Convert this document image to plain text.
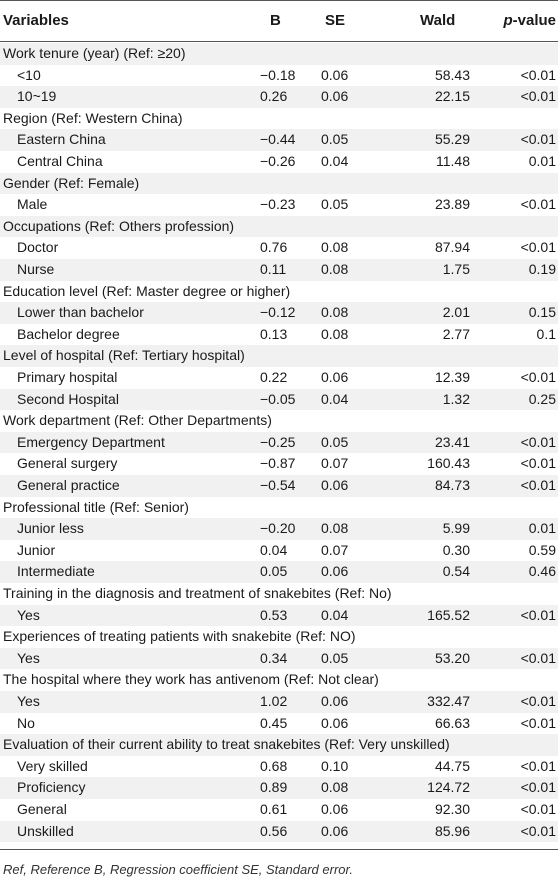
Variables	B	SE	Wald	p-value
Work tenure (year) (Ref: ≥20)
<10	−0.18 0.06	58.43	<0.01
10~19	0.26 0.06	22.15	<0.01
Region (Ref: Western China)
Eastern China	−0.44 0.05	55.29	<0.01
Central China	−0.26 0.04	11.48	0.01
Gender (Ref: Female)
Male	−0.23 0.05	23.89	<0.01
Occupations (Ref: Others profession)
Doctor	0.76 0.08	87.94	<0.01
Nurse	0.11 0.08	1.75	0.19
Education level (Ref: Master degree or higher)
Lower than bachelor	−0.12 0.08	2.01	0.15
Bachelor degree	0.13 0.08	2.77	0.1
Level of hospital (Ref: Tertiary hospital)
Primary hospital	0.22 0.06	12.39	<0.01
Second Hospital	−0.05 0.04	1.32	0.25
Work department (Ref: Other Departments)
Emergency Department	−0.25 0.05	23.41	<0.01
General surgery	−0.87 0.07	160.43	<0.01
General practice	−0.54 0.06	84.73	<0.01
Professional title (Ref: Senior)
Junior less	−0.20 0.08	5.99	0.01
Junior	0.04 0.07	0.30	0.59
Intermediate	0.05 0.06	0.54	0.46
Training in the diagnosis and treatment of snakebites (Ref: No)
Yes	0.53 0.04	165.52	<0.01
Experiences of treating patients with snakebite (Ref: NO)
Yes	0.34 0.05	53.20	<0.01
The hospital where they work has antivenom (Ref: Not clear)
Yes	1.02 0.06	332.47	<0.01
No	0.45 0.06	66.63	<0.01
Evaluation of their current ability to treat snakebites (Ref: Very unskilled)
Very skilled	0.68 0.10	44.75	<0.01
Proficiency	0.89 0.08	124.72	<0.01
General	0.61 0.06	92.30	<0.01
Unskilled	0.56 0.06	85.96	<0.01
Ref, Reference B, Regression coefficient SE, Standard error.
